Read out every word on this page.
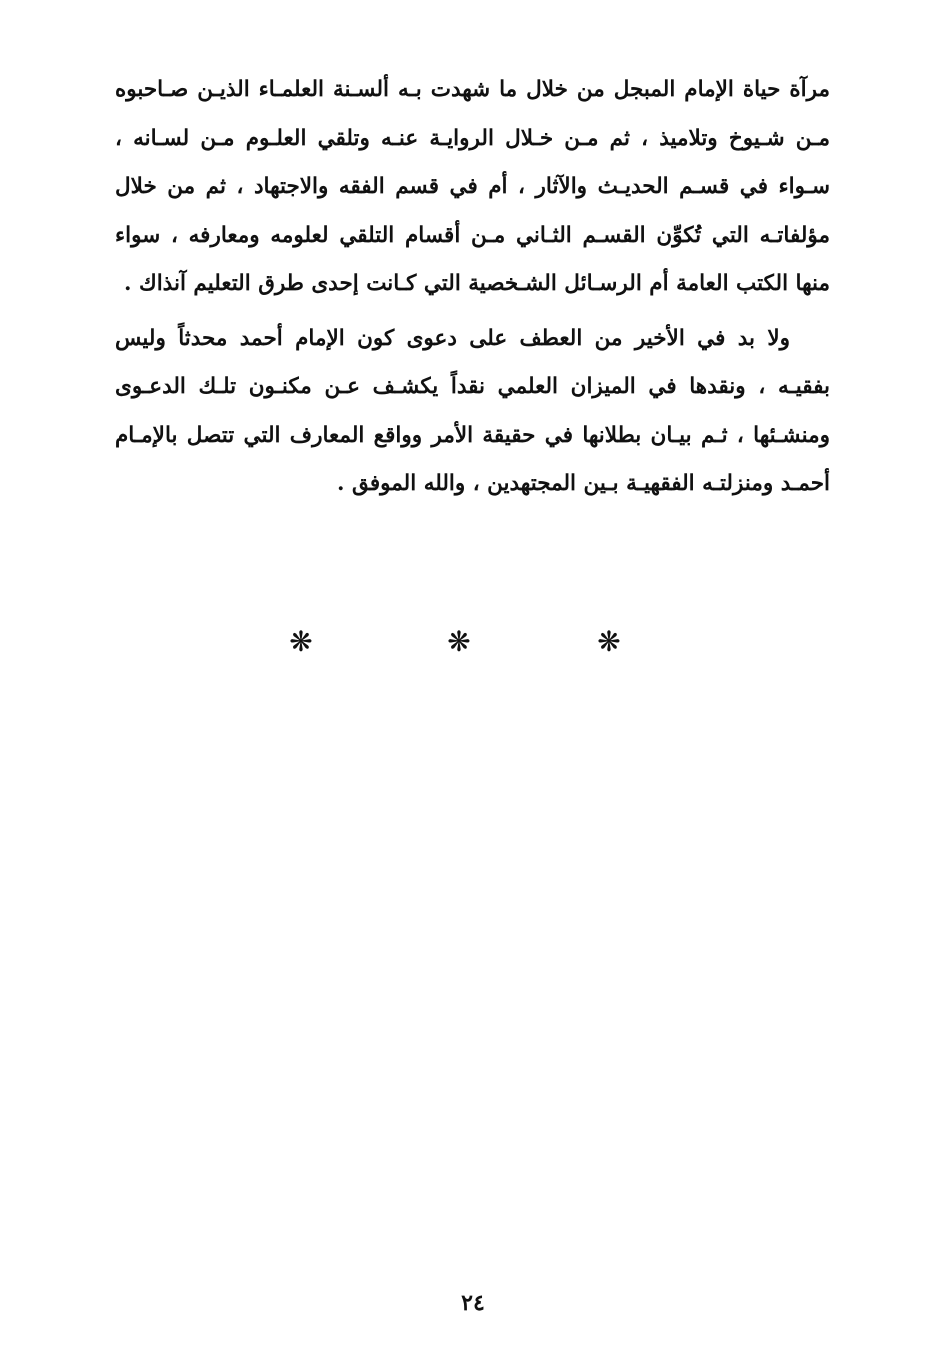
مرآة حياة الإمام المبجل من خلال ما شهدت بـه ألسـنة العلمـاء الذيـن صـاحبوه مـن شـيوخ وتلاميذ ، ثم مـن خـلال الروايـة عنـه وتلقي العلـوم مـن لسـانه ، سـواء في قسـم الحديـث والآثار ، أم في قسم الفقه والاجتهاد ، ثم من خلال مؤلفاتـه التي تُكوِّن القسـم الثـاني مـن أقسام التلقي لعلومه ومعارفه ، سواء منها الكتب العامة أم الرسـائل الشـخصية التي كـانت إحدى طرق التعليم آنذاك .

ولا بد في الأخير من العطف على دعوى كون الإمام أحمد محدثاً وليس بفقيـه ، ونقدها في الميزان العلمي نقداً يكشـف عـن مكنـون تلـك الدعـوى ومنشـئها ، ثـم بيـان بطلانها في حقيقة الأمر وواقع المعارف التي تتصل بالإمـام أحمـد ومنزلتـه الفقهيـة بـين المجتهدين ، والله الموفق .

❋	❋	❋
٢٤
